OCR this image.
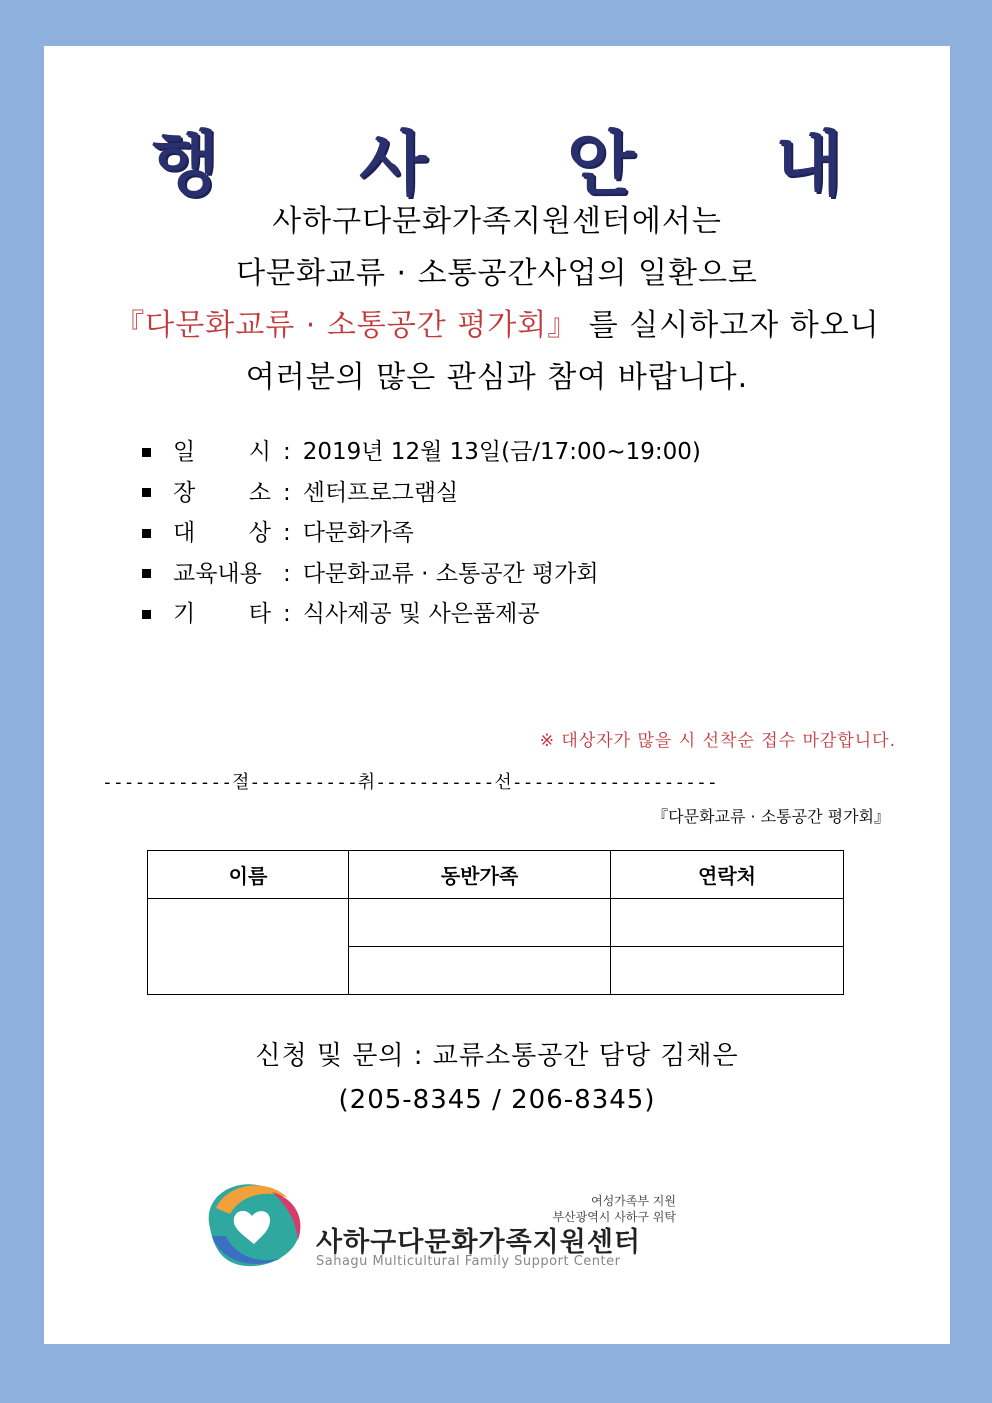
행 사 안 내
사하구다문화가족지원센터에서는
다문화교류 · 소통공간사업의 일환으로
『다문화교류 · 소통공간 평가회』 를 실시하고자 하오니
여러분의 많은 관심과 참여 바랍니다.
일 시 : 2019년 12월 13일(금/17:00~19:00)
장 소 : 센터프로그램실
대 상 : 다문화가족
교육내용 : 다문화교류 · 소통공간 평가회
기 타 : 식사제공 및 사은품제공
※ 대상자가 많을 시 선착순 접수 마감합니다.
------------절----------취-----------선-------------------
『다문화교류 · 소통공간 평가회』
이름	동반가족	연락처

신청 및 문의 : 교류소통공간 담당 김채은
(205-8345 / 206-8345)
여성가족부 지원
부산광역시 사하구 위탁
사하구다문화가족지원센터
Sahagu Multicultural Family Support Center
